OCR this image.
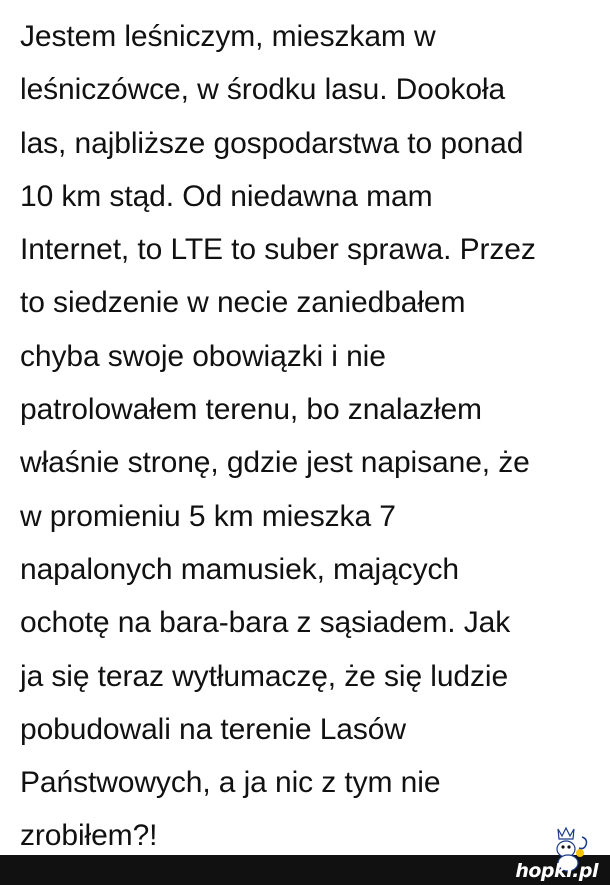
Jestem leśniczym, mieszkam w
leśniczówce, w środku lasu. Dookoła
las, najbliższe gospodarstwa to ponad
10 km stąd. Od niedawna mam
Internet, to LTE to suber sprawa. Przez
to siedzenie w necie zaniedbałem
chyba swoje obowiązki i nie
patrolowałem terenu, bo znalazłem
właśnie stronę, gdzie jest napisane, że
w promieniu 5 km mieszka 7
napalonych mamusiek, mających
ochotę na bara-bara z sąsiadem. Jak
ja się teraz wytłumaczę, że się ludzie
pobudowali na terenie Lasów
Państwowych, a ja nic z tym nie
zrobiłem?!
hopki.pl
